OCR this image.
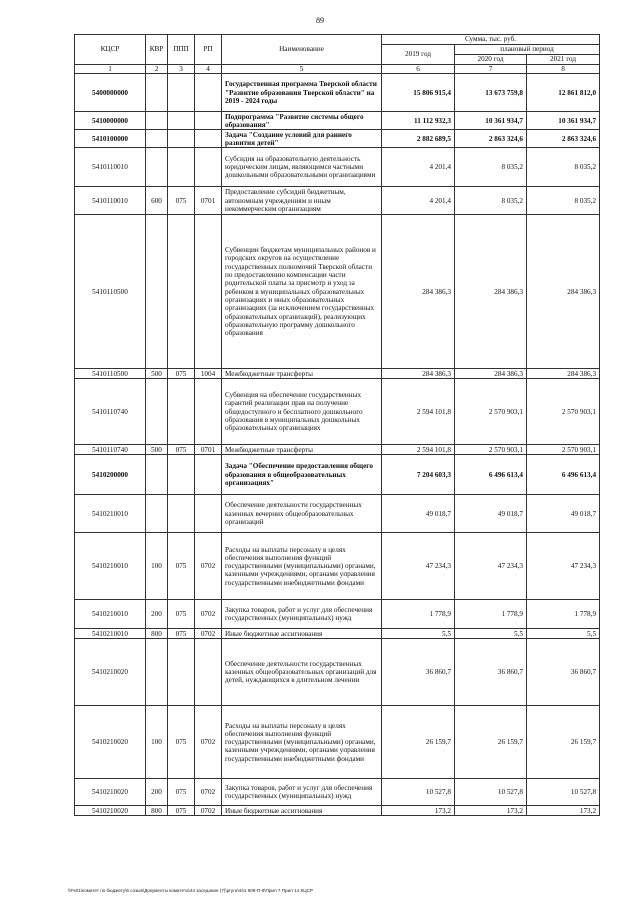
89
КЦСР	КВР	ППП	РП	Наименование	Сумма, тыс. руб.		
					2019 год	плановый период	
						2020 год	2021 год
1	2	3	4	5	6	7	8
5400000000				Государственная программа Тверской области "Развитие образования Тверской области" на 2019 - 2024 годы	15 806 915,4	13 673 759,8	12 861 812,0
5410000000				Подпрограмма "Развитие системы общего образования"	11 112 932,3	10 361 934,7	10 361 934,7
5410100000				Задача "Создание условий для раннего развития детей"	2 882 689,5	2 863 324,6	2 863 324,6
5410110010				Субсидия на образовательную деятельность юридическим лицам, являющимся частными дошкольными образовательными организациями	4 201,4	8 035,2	8 035,2
5410110010	600	075	0701	Предоставление субсидий бюджетным, автономным учреждениям и иным некоммерческим организациям	4 201,4	8 035,2	8 035,2
5410110500				Субвенции бюджетам муниципальных районов и городских округов на осуществление государственных полномочий Тверской области по предоставлению компенсации части родительской платы за присмотр и уход за ребенком в муниципальных образовательных организациях и иных образовательных организациях (за исключением государственных образовательных организаций), реализующих образовательную программу дошкольного образования	284 386,3	284 386,3	284 386,3
5410110500	500	075	1004	Межбюджетные трансферты	284 386,3	284 386,3	284 386,3
5410110740				Субвенция на обеспечение государственных гарантий реализации прав на получение общедоступного и бесплатного дошкольного образования в муниципальных дошкольных образовательных организациях	2 594 101,8	2 570 903,1	2 570 903,1
5410110740	500	075	0701	Межбюджетные трансферты	2 594 101,8	2 570 903,1	2 570 903,1
5410200000				Задача "Обеспечение предоставления общего образования в общеобразовательных организациях"	7 204 603,3	6 496 613,4	6 496 613,4
5410210010				Обеспечение деятельности государственных казенных вечерних общеобразовательных организаций	49 018,7	49 018,7	49 018,7
5410210010	100	075	0702	Расходы на выплаты персоналу в целях обеспечения выполнения функций государственными (муниципальными) органами, казенными учреждениями, органами управления государственными внебюджетными фондами	47 234,3	47 234,3	47 234,3
5410210010	200	075	0702	Закупка товаров, работ и услуг для обеспечения государственных (муниципальных) нужд	1 778,9	1 778,9	1 778,9
5410210010	800	075	0702	Иные бюджетные ассигнования	5,5	5,5	5,5
5410210020				Обеспечение деятельности государственных казенных общеобразовательных организаций для детей, нуждающихся в длительном лечении	36 860,7	36 860,7	36 860,7
5410210020	100	075	0702	Расходы на выплаты персоналу в целях обеспечения выполнения функций государственными (муниципальными) органами, казенными учреждениями, органами управления государственными внебюджетными фондами	26 159,7	26 159,7	26 159,7
5410210020	200	075	0702	Закупка товаров, работ и услуг для обеспечения государственных (муниципальных) нужд	10 527,8	10 527,8	10 527,8
5410210020	800	075	0702	Иные бюджетные ассигнования	173,2	173,2	173,2
\\Fs01\комитет по бюджету\6 созыв\Документы комитета\44 заседание (7)\ргуги\441 809-П-6\Прил 7 Прил 14 КЦСР
